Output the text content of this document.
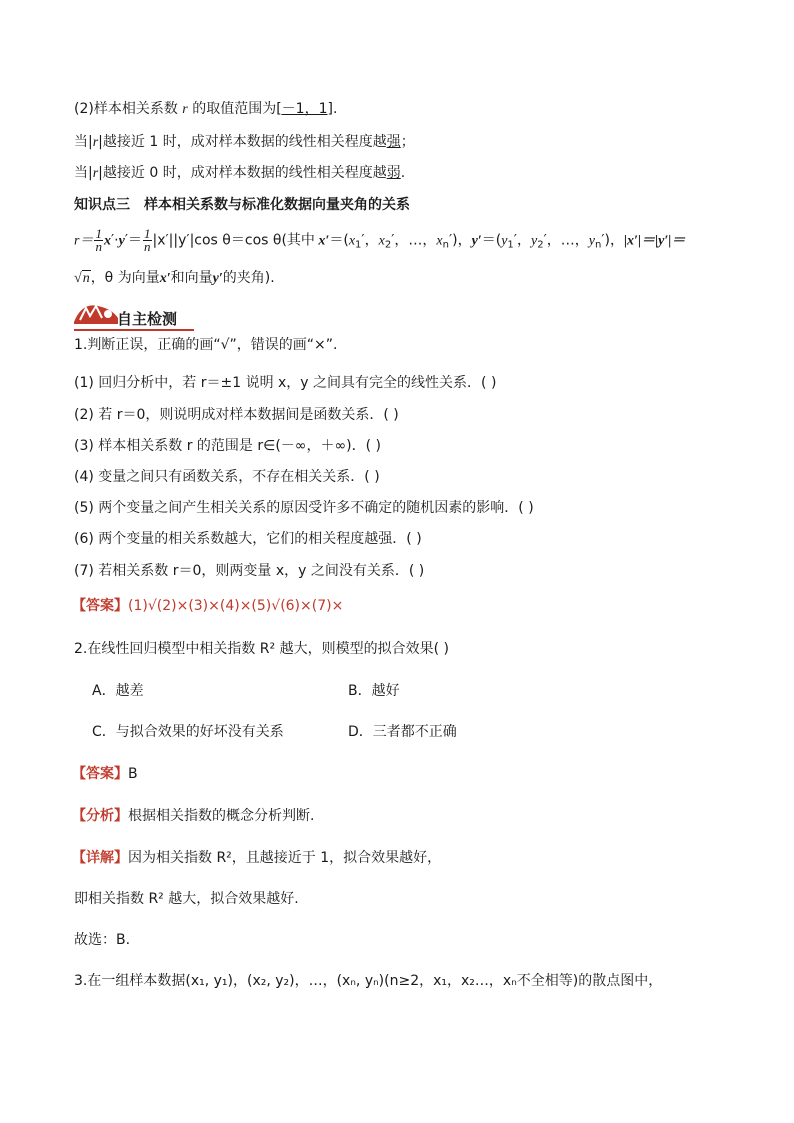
(2)样本相关系数 r 的取值范围为[－1，1].
当|r|越接近 1 时，成对样本数据的线性相关程度越强；
当|r|越接近 0 时，成对样本数据的线性相关程度越弱.
知识点三　样本相关系数与标准化数据向量夹角的关系
$r= \frac{1}{n} x'\cdot y'= \frac{1}{n} |x'||y'|\cos$ θ＝cos θ(其中 $x'=(x_1'$，$x_2'$，…，$x_n'$)，$y'=(y_1'$，$y_2'$，…，$y_n'$)，|x′|＝|y′|＝
√n，θ 为向量x′和向量y′的夹角).
自主检测
1.判断正误，正确的画“√”，错误的画“×”.
(1) 回归分析中，若 r＝±1 说明 x，y 之间具有完全的线性关系．( )
(2) 若 r＝0，则说明成对样本数据间是函数关系．( )
(3) 样本相关系数 r 的范围是 r∈(－∞，＋∞)．( )
(4) 变量之间只有函数关系，不存在相关关系．( )
(5) 两个变量之间产生相关关系的原因受许多不确定的随机因素的影响．( )
(6) 两个变量的相关系数越大，它们的相关程度越强．( )
(7) 若相关系数 r＝0，则两变量 x，y 之间没有关系．( )
【答案】(1)√(2)×(3)×(4)×(5)√(6)×(7)×
2.在线性回归模型中相关指数 R² 越大，则模型的拟合效果( )
A．越差	B．越好
C．与拟合效果的好坏没有关系	D．三者都不正确
【答案】B
【分析】根据相关指数的概念分析判断.
【详解】因为相关指数 R²，且越接近于 1，拟合效果越好，
即相关指数 R² 越大，拟合效果越好.
故选：B.
3.在一组样本数据(x₁, y₁)，(x₂, y₂)，…，(xₙ, yₙ)(n≥2，x₁，x₂…，xₙ不全相等)的散点图中，
